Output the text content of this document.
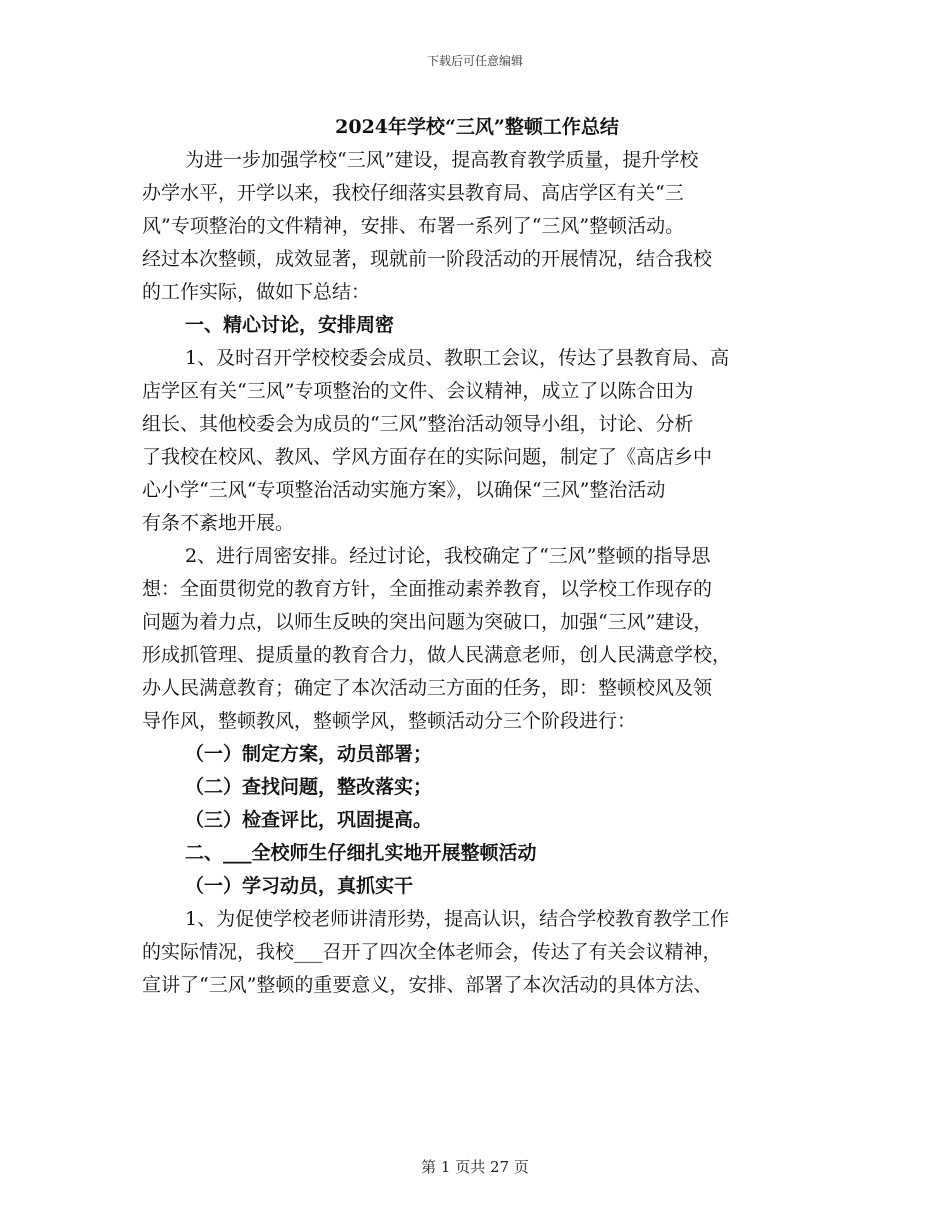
下载后可任意编辑
2024年学校“三风”整顿工作总结
为进一步加强学校“三风”建设，提高教育教学质量，提升学校
办学水平，开学以来，我校仔细落实县教育局、高店学区有关“三
风”专项整治的文件精神，安排、布署一系列了“三风”整顿活动。
经过本次整顿，成效显著，现就前一阶段活动的开展情况，结合我校
的工作实际，做如下总结：
一、精心讨论，安排周密
1、及时召开学校校委会成员、教职工会议，传达了县教育局、高
店学区有关“三风”专项整治的文件、会议精神，成立了以陈合田为
组长、其他校委会为成员的“三风”整治活动领导小组，讨论、分析
了我校在校风、教风、学风方面存在的实际问题，制定了《高店乡中
心小学“三风“专项整治活动实施方案》，以确保“三风”整治活动
有条不紊地开展。
2、进行周密安排。经过讨论，我校确定了“三风”整顿的指导思
想：全面贯彻党的教育方针，全面推动素养教育，以学校工作现存的
问题为着力点，以师生反映的突出问题为突破口，加强“三风”建设，
形成抓管理、提质量的教育合力，做人民满意老师，创人民满意学校，
办人民满意教育；确定了本次活动三方面的任务，即：整顿校风及领
导作风，整顿教风，整顿学风，整顿活动分三个阶段进行：
（一）制定方案，动员部署；
（二）查找问题，整改落实；
（三）检查评比，巩固提高。
二、___全校师生仔细扎实地开展整顿活动
（一）学习动员，真抓实干
1、为促使学校老师讲清形势，提高认识，结合学校教育教学工作
的实际情况，我校___召开了四次全体老师会，传达了有关会议精神，
宣讲了“三风”整顿的重要意义，安排、部署了本次活动的具体方法、
第 1 页共 27 页
